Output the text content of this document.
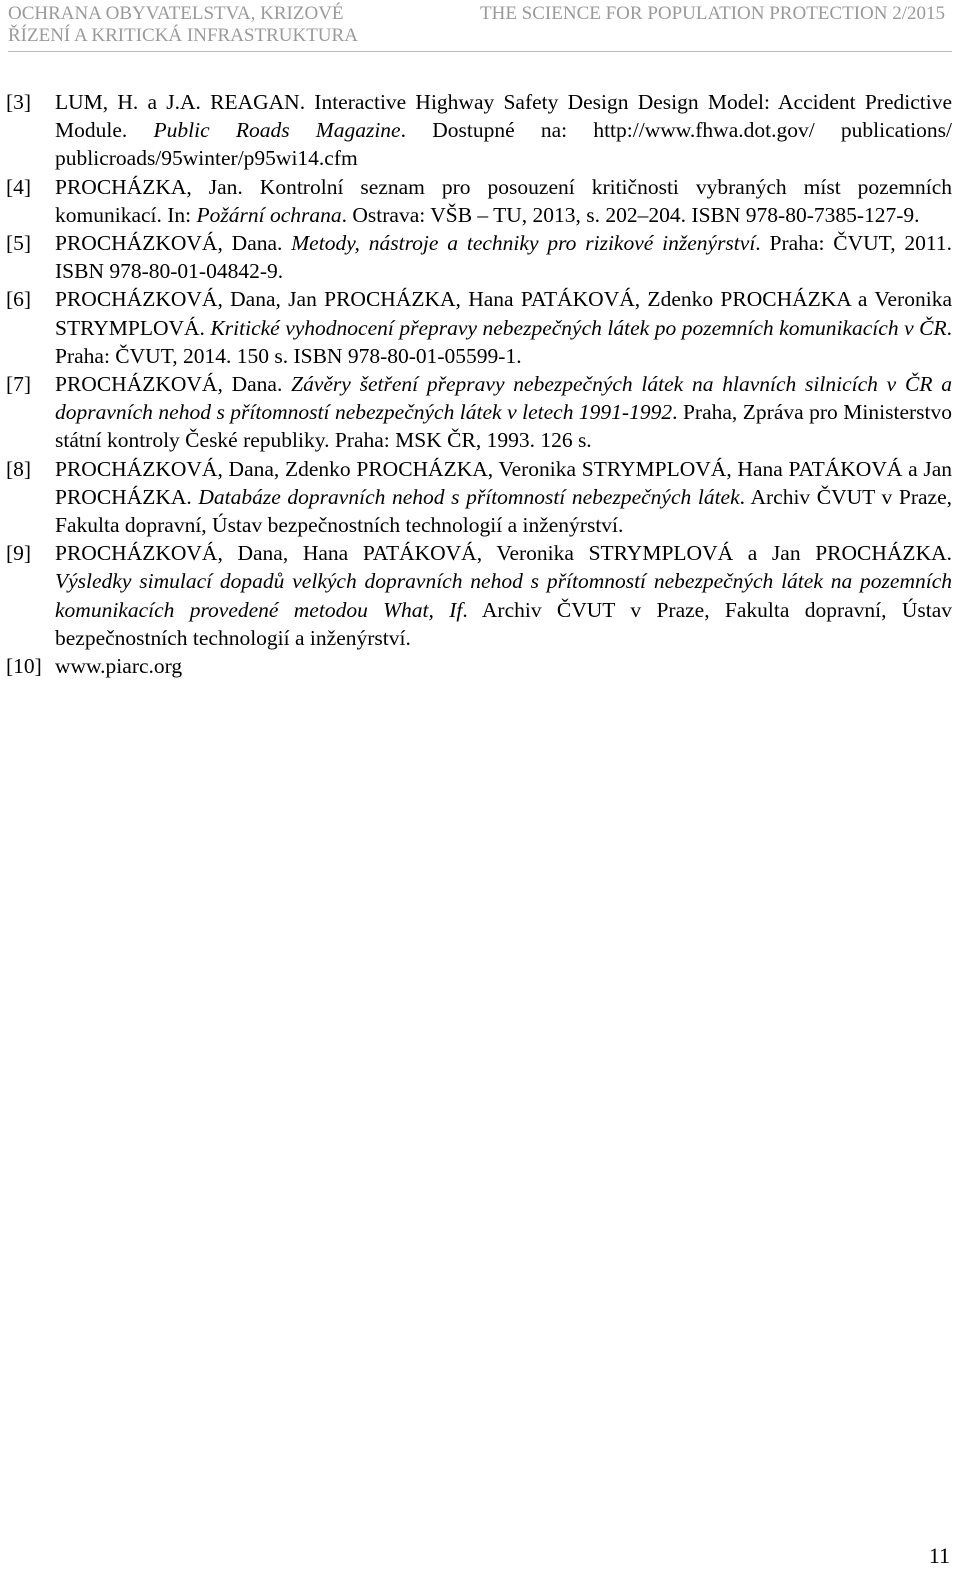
OCHRANA OBYVATELSTVA, KRIZOVÉ
ŘÍZENÍ A KRITICKÁ INFRASTRUKTURA
THE SCIENCE FOR POPULATION PROTECTION 2/2015
[3] LUM, H. a J.A. REAGAN. Interactive Highway Safety Design Design Model: Accident Predictive Module. Public Roads Magazine. Dostupné na: http://www.fhwa.dot.gov/ publications/ publicroads/95winter/p95wi14.cfm
[4] PROCHÁZKA, Jan. Kontrolní seznam pro posouzení kritičnosti vybraných míst pozemních komunikací. In: Požární ochrana. Ostrava: VŠB – TU, 2013, s. 202–204. ISBN 978-80-7385-127-9.
[5] PROCHÁZKOVÁ, Dana. Metody, nástroje a techniky pro rizikové inženýrství. Praha: ČVUT, 2011. ISBN 978-80-01-04842-9.
[6] PROCHÁZKOVÁ, Dana, Jan PROCHÁZKA, Hana PATÁKOVÁ, Zdenko PROCHÁZKA a Veronika STRYMPLOVÁ. Kritické vyhodnocení přepravy nebezpečných látek po pozemních komunikacích v ČR. Praha: ČVUT, 2014. 150 s. ISBN 978-80-01-05599-1.
[7] PROCHÁZKOVÁ, Dana. Závěry šetření přepravy nebezpečných látek na hlavních silnicích v ČR a dopravních nehod s přítomností nebezpečných látek v letech 1991-1992. Praha, Zpráva pro Ministerstvo státní kontroly České republiky. Praha: MSK ČR, 1993. 126 s.
[8] PROCHÁZKOVÁ, Dana, Zdenko PROCHÁZKA, Veronika STRYMPLOVÁ, Hana PATÁKOVÁ a Jan PROCHÁZKA. Databáze dopravních nehod s přítomností nebezpečných látek. Archiv ČVUT v Praze, Fakulta dopravní, Ústav bezpečnostních technologií a inženýrství.
[9] PROCHÁZKOVÁ, Dana, Hana PATÁKOVÁ, Veronika STRYMPLOVÁ a Jan PROCHÁZKA. Výsledky simulací dopadů velkých dopravních nehod s přítomností nebezpečných látek na pozemních komunikacích provedené metodou What, If. Archiv ČVUT v Praze, Fakulta dopravní, Ústav bezpečnostních technologií a inženýrství.
[10] www.piarc.org
11
